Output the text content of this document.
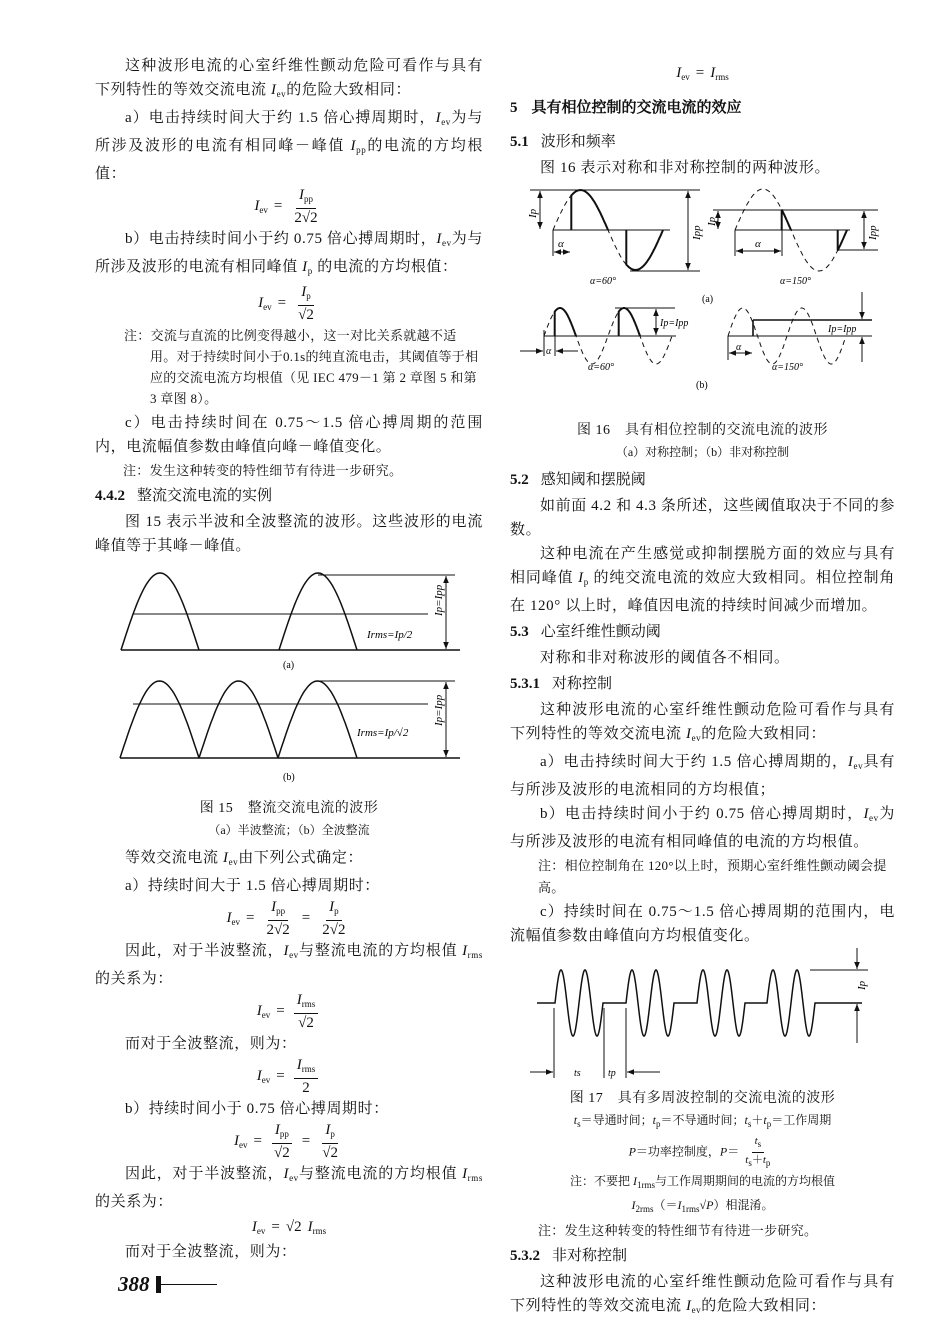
这种波形电流的心室纤维性颤动危险可看作与具有下列特性的等效交流电流 $I_{ev}$的危险大致相同：
a）电击持续时间大于约 1.5 倍心搏周期时，$I_{ev}$为与所涉及波形的电流有相同峰－峰值 $I_{pp}$的电流的方均根值：
$I_{ev} = \frac{I_{pp}}{2√2}$
b）电击持续时间小于约 0.75 倍心搏周期时，$I_{ev}$为与所涉及波形的电流有相同峰值 $I_p$ 的电流的方均根值：
$I_{ev} = \frac{I_p}{√2}$
注：交流与直流的比例变得越小，这一对比关系就越不适用。对于持续时间小于0.1s的纯直流电击，其阈值等于相应的交流电流方均根值（见 IEC 479－1 第 2 章图 5 和第 3 章图 8）。
c）电击持续时间在 0.75～1.5 倍心搏周期的范围内，电流幅值参数由峰值向峰－峰值变化。
注：发生这种转变的特性细节有待进一步研究。
4.4.2 整流交流电流的实例
图 15 表示半波和全波整流的波形。这些波形的电流峰值等于其峰－峰值。
Irms=Ip/2
Ip=Ipp
(a)
Irms=Ip/√2
Ip=Ipp
(b)
图 15　整流交流电流的波形
（a）半波整流；（b）全波整流
等效交流电流 $I_{ev}$由下列公式确定：
a）持续时间大于 1.5 倍心搏周期时：
$I_{ev} = \frac{I_{pp}}{2√2} = \frac{I_p}{2√2}$
因此，对于半波整流，$I_{ev}$与整流电流的方均根值 $I_{rms}$的关系为：
$I_{ev} = \frac{I_{rms}}{√2}$
而对于全波整流，则为：
$I_{ev} = \frac{I_{rms}}{2}$
b）持续时间小于 0.75 倍心搏周期时：
$I_{ev} = \frac{I_{pp}}{√2} = \frac{I_p}{√2}$
因此，对于半波整流，$I_{ev}$与整流电流的方均根值 $I_{rms}$的关系为：
$I_{ev} = √2$ $I_{rms}$
而对于全波整流，则为：
388
$I_{ev} = I_{rms}$
5 具有相位控制的交流电流的效应
5.1 波形和频率
图 16 表示对称和非对称控制的两种波形。
Ip
Ipp
α
α=60°
Ip
Ipp
α
α=150°
(a)
Ip=Ipp
α
α=60°
Ip=Ipp
α
α=150°
(b)
图 16　具有相位控制的交流电流的波形
（a）对称控制；（b）非对称控制
5.2 感知阈和摆脱阈
如前面 4.2 和 4.3 条所述，这些阈值取决于不同的参数。
这种电流在产生感觉或抑制摆脱方面的效应与具有相同峰值 $I_p$ 的纯交流电流的效应大致相同。相位控制角在 120° 以上时，峰值因电流的持续时间减少而增加。
5.3 心室纤维性颤动阈
对称和非对称波形的阈值各不相同。
5.3.1 对称控制
这种波形电流的心室纤维性颤动危险可看作与具有下列特性的等效交流电流 $I_{ev}$的危险大致相同：
a）电击持续时间大于约 1.5 倍心搏周期的，$I_{ev}$具有与所涉及波形的电流相同的方均根值；
b）电击持续时间小于约 0.75 倍心搏周期时，$I_{ev}$为与所涉及波形的电流有相同峰值的电流的方均根值。
注：相位控制角在 120°以上时，预期心室纤维性颤动阈会提高。
c）持续时间在 0.75～1.5 倍心搏周期的范围内，电流幅值参数由峰值向方均根值变化。
Ip
ts	tp
图 17　具有多周波控制的交流电流的波形
$t_s=$导通时间；$t_p=$不导通时间；$t_s+t_p=$工作周期
P＝功率控制度，$P= \frac{t_s}{t_s+t_p}$
注：不要把 $I_{1rms}$与工作周期期间的电流的方均根值
$I_{2rms}(=I_{1rms}√P)$相混淆。
注：发生这种转变的特性细节有待进一步研究。
5.3.2 非对称控制
这种波形电流的心室纤维性颤动危险可看作与具有下列特性的等效交流电流 $I_{ev}$的危险大致相同：
